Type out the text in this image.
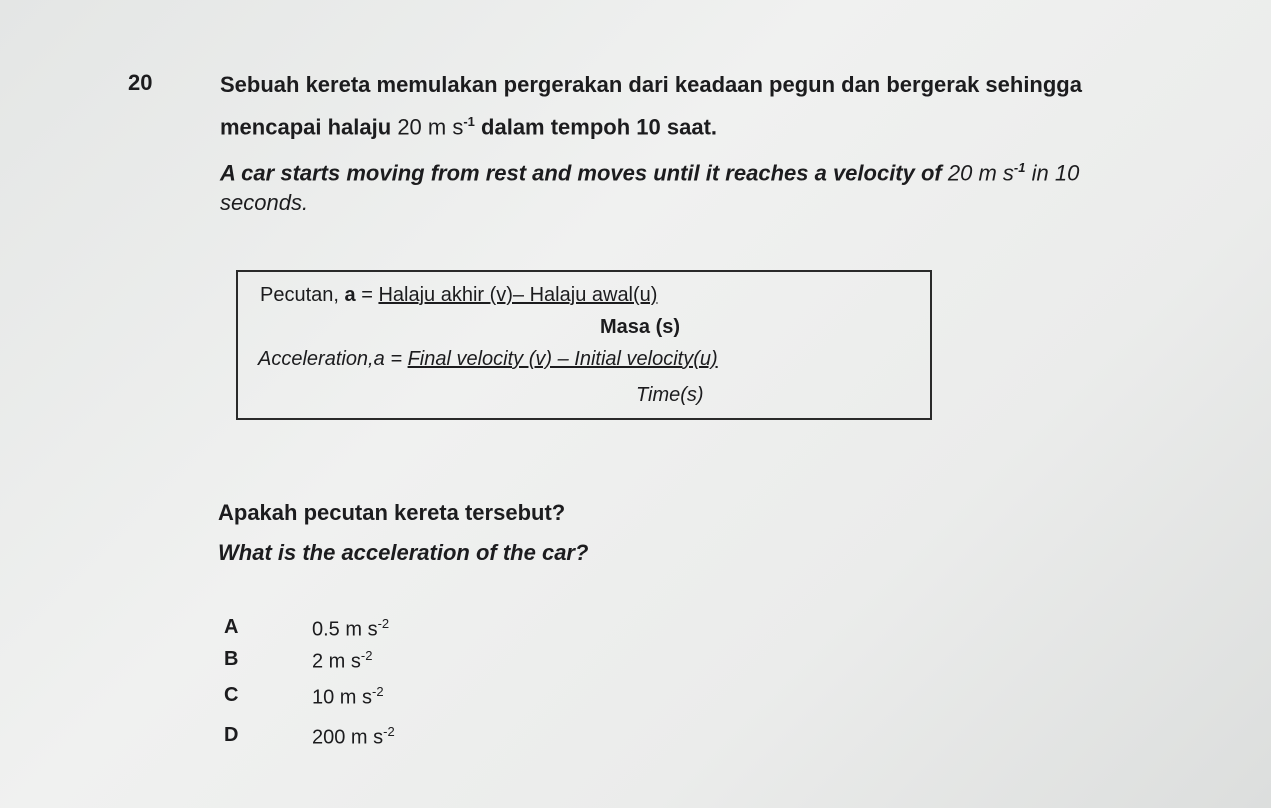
20	Sebuah kereta memulakan pergerakan dari keadaan pegun dan bergerak sehingga
mencapai halaju 20 m $s^{-1}$ dalam tempoh 10 saat.
A car starts moving from rest and moves until it reaches a velocity of 20 m $s^{-1}$ in 10
seconds.
Pecutan, a = Halaju akhir (v)– Halaju awal(u)
Masa (s)
Acceleration,a = Final velocity (v) – Initial velocity(u)
Time(s)
Apakah pecutan kereta tersebut?
What is the acceleration of the car?
A	0.5 m $s^{-2}$
B	2 m $s^{-2}$
C	10 m $s^{-2}$
D	200 m $s^{-2}$
